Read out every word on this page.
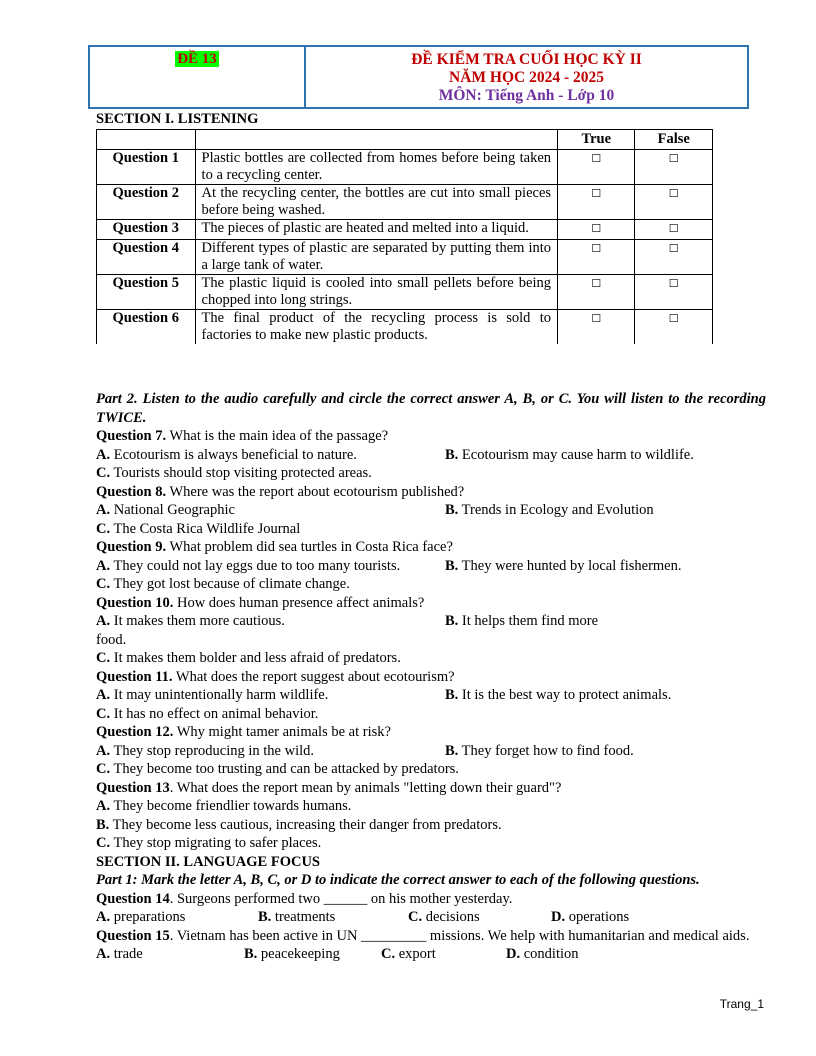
ĐỀ 13	ĐỀ KIỂM TRA CUỐI HỌC KỲ II
NĂM HỌC 2024 - 2025
MÔN: Tiếng Anh - Lớp 10
SECTION I. LISTENING
		True	False
Question 1	Plastic bottles are collected from homes before being taken to a recycling center.	☐	☐
Question 2	At the recycling center, the bottles are cut into small pieces before being washed.	☐	☐
Question 3	The pieces of plastic are heated and melted into a liquid.	☐	☐
Question 4	Different types of plastic are separated by putting them into a large tank of water.	☐	☐
Question 5	The plastic liquid is cooled into small pellets before being chopped into long strings.	☐	☐
Question 6	The final product of the recycling process is sold to factories to make new plastic products.	☐	☐

Part 2. Listen to the audio carefully and circle the correct answer A, B, or C. You will listen to the recording TWICE.

Question 7. What is the main idea of the passage?

A. Ecotourism is always beneficial to nature.	B. Ecotourism may cause harm to wildlife.

C. Tourists should stop visiting protected areas.

Question 8. Where was the report about ecotourism published?

A. National Geographic	B. Trends in Ecology and Evolution

C. The Costa Rica Wildlife Journal

Question 9. What problem did sea turtles in Costa Rica face?

A. They could not lay eggs due to too many tourists.	B. They were hunted by local fishermen.

C. They got lost because of climate change.

Question 10. How does human presence affect animals?

A. It makes them more cautious.	B. It helps them find more

food.

C. It makes them bolder and less afraid of predators.

Question 11. What does the report suggest about ecotourism?

A. It may unintentionally harm wildlife.	B. It is the best way to protect animals.

C. It has no effect on animal behavior.

Question 12. Why might tamer animals be at risk?

A. They stop reproducing in the wild.	B. They forget how to find food.

C. They become too trusting and can be attacked by predators.

Question 13. What does the report mean by animals "letting down their guard"?

A. They become friendlier towards humans.

B. They become less cautious, increasing their danger from predators.

C. They stop migrating to safer places.

SECTION II. LANGUAGE FOCUS

Part 1: Mark the letter A, B, C, or D to indicate the correct answer to each of the following questions.

Question 14. Surgeons performed two ______ on his mother yesterday.

A. preparations	B. treatments	C. decisions	D. operations

Question 15. Vietnam has been active in UN _________ missions. We help with humanitarian and medical aids.

A. trade	B. peacekeeping	C. export	D. condition
Trang_1
